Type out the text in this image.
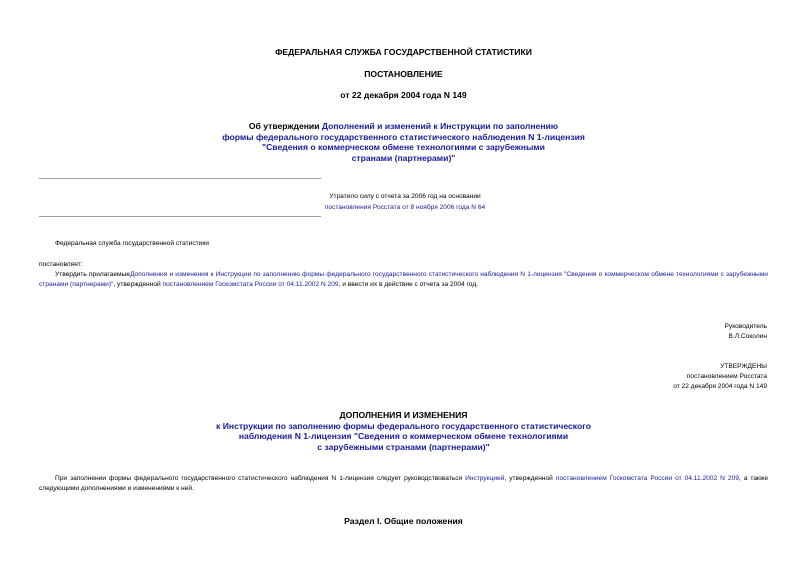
ФЕДЕРАЛЬНАЯ СЛУЖБА ГОСУДАРСТВЕННОЙ СТАТИСТИКИ
ПОСТАНОВЛЕНИЕ
от 22 декабря 2004 года N 149
Об утверждении Дополнений и изменений к Инструкции по заполнению
формы федерального государственного статистического наблюдения N 1-лицензия
"Сведения о коммерческом обмене технологиями с зарубежными
странами (партнерами)"
Утратило силу с отчета за 2006 год на основании
постановления Росстата от 8 ноября 2006 года N 64
Федеральная служба государственной статистики
постановляет:
Утвердить прилагаемыеДополнения и изменения к Инструкции по заполнению формы федерального государственного статистического наблюдения N 1-лицензия "Сведения о коммерческом обмене технологиями с зарубежными странами (партнерами)", утвержденной постановлением Госкомстата России от 04.11.2002 N 209, и ввести их в действие с отчета за 2004 год.
Руководитель
В.Л.Соколин
УТВЕРЖДЕНЫ
постановлением Росстата
от 22 декабря 2004 года N 149
ДОПОЛНЕНИЯ И ИЗМЕНЕНИЯ
к Инструкции по заполнению формы федерального государственного статистического
наблюдения N 1-лицензия "Сведения о коммерческом обмене технологиями
с зарубежными странами (партнерами)"
При заполнении формы федерального государственного статистического наблюдения N 1-лицензия следует руководствоваться Инструкцией, утвержденной постановлением Госкомстата России от 04.11.2002 N 209, а также следующими дополнениями и изменениями к ней.
Раздел I. Общие положения
